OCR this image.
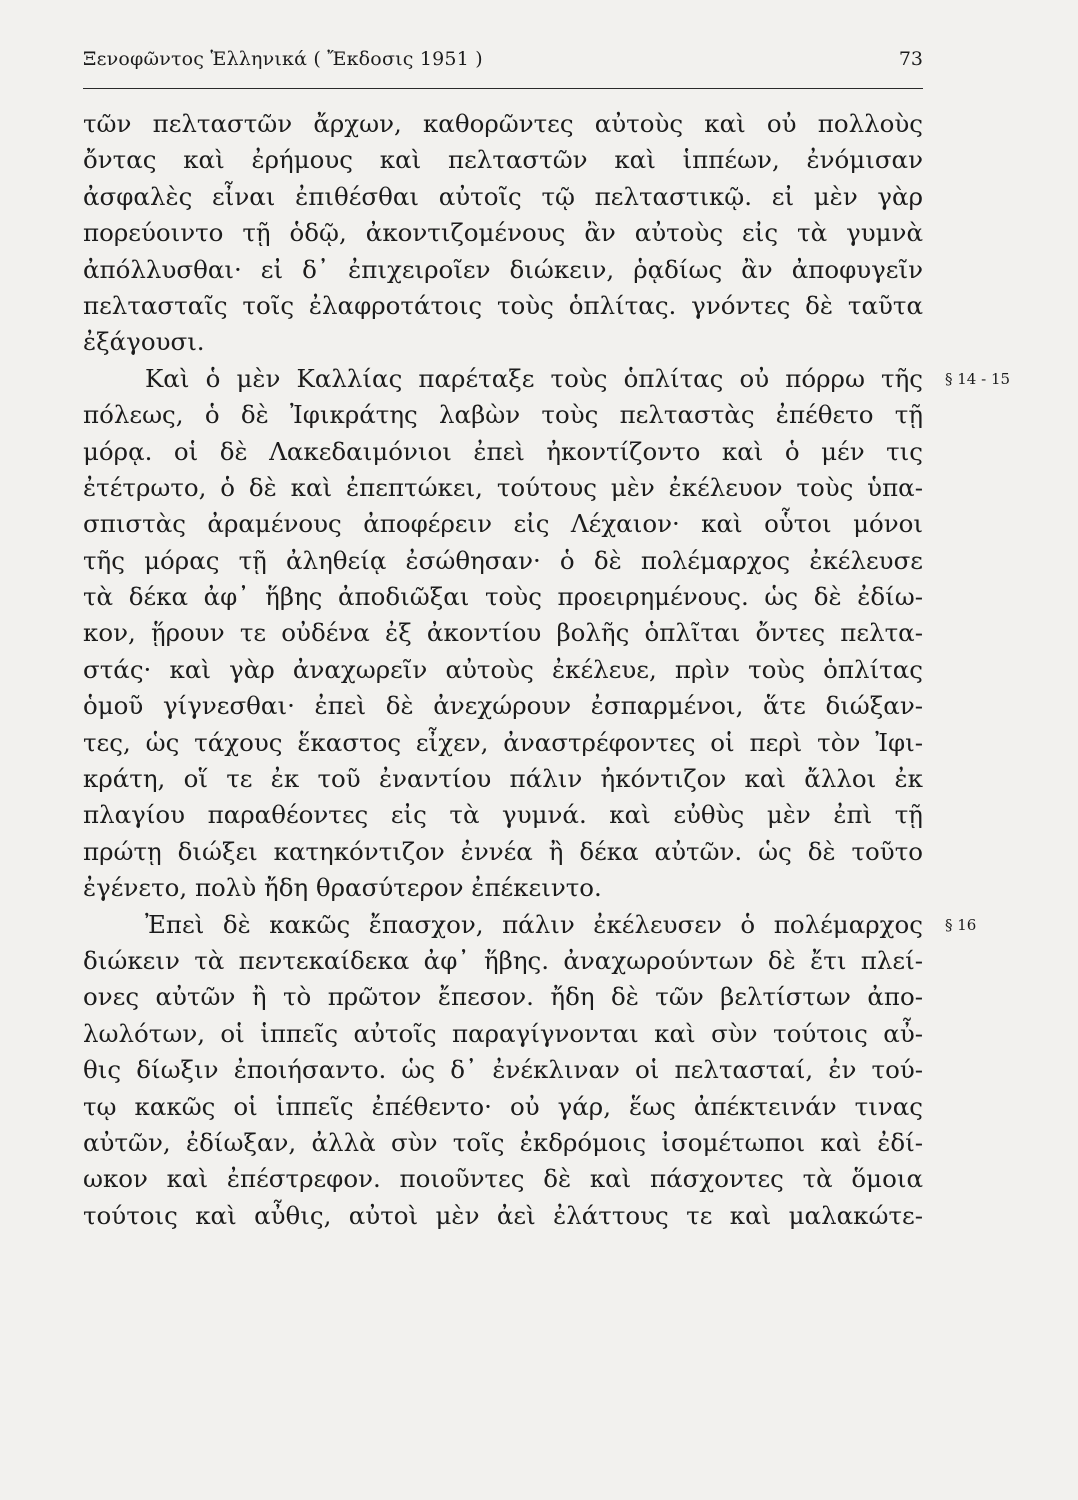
Ξενοφῶντος Ἑλληνικά ( Ἔκδοσις 1951 )	73
τῶν πελταστῶν ἄρχων, καθορῶντες αὐτοὺς καὶ οὐ πολλοὺς
ὄντας καὶ ἐρήμους καὶ πελταστῶν καὶ ἱππέων, ἐνόμισαν
ἀσφαλὲς εἶναι ἐπιθέσθαι αὐτοῖς τῷ πελταστικῷ. εἰ μὲν γὰρ
πορεύοιντο τῇ ὁδῷ, ἀκοντιζομένους ἂν αὐτοὺς εἰς τὰ γυμνὰ
ἀπόλλυσθαι· εἰ δ᾽ ἐπιχειροῖεν διώκειν, ῥᾳδίως ἂν ἀποφυγεῖν
πελτασταῖς τοῖς ἐλαφροτάτοις τοὺς ὁπλίτας. γνόντες δὲ ταῦτα
ἐξάγουσι.
Καὶ ὁ μὲν Καλλίας παρέταξε τοὺς ὁπλίτας οὐ πόρρω τῆς § 14 - 15
πόλεως, ὁ δὲ Ἰφικράτης λαβὼν τοὺς πελταστὰς ἐπέθετο τῇ
μόρᾳ. οἱ δὲ Λακεδαιμόνιοι ἐπεὶ ἠκοντίζοντο καὶ ὁ μέν τις
ἐτέτρωτο, ὁ δὲ καὶ ἐπεπτώκει, τούτους μὲν ἐκέλευον τοὺς ὑπα-
σπιστὰς ἀραμένους ἀποφέρειν εἰς Λέχαιον· καὶ οὗτοι μόνοι
τῆς μόρας τῇ ἀληθείᾳ ἐσώθησαν· ὁ δὲ πολέμαρχος ἐκέλευσε
τὰ δέκα ἀφ᾽ ἥβης ἀποδιῶξαι τοὺς προειρημένους. ὡς δὲ ἐδίω-
κον, ᾕρουν τε οὐδένα ἐξ ἀκοντίου βολῆς ὁπλῖται ὄντες πελτα-
στάς· καὶ γὰρ ἀναχωρεῖν αὐτοὺς ἐκέλευε, πρὶν τοὺς ὁπλίτας
ὁμοῦ γίγνεσθαι· ἐπεὶ δὲ ἀνεχώρουν ἐσπαρμένοι, ἅτε διώξαν-
τες, ὡς τάχους ἕκαστος εἶχεν, ἀναστρέφοντες οἱ περὶ τὸν Ἰφι-
κράτη, οἵ τε ἐκ τοῦ ἐναντίου πάλιν ἠκόντιζον καὶ ἄλλοι ἐκ
πλαγίου παραθέοντες εἰς τὰ γυμνά. καὶ εὐθὺς μὲν ἐπὶ τῇ
πρώτῃ διώξει κατηκόντιζον ἐννέα ἢ δέκα αὐτῶν. ὡς δὲ τοῦτο
ἐγένετο, πολὺ ἤδη θρασύτερον ἐπέκειντο.
Ἐπεὶ δὲ κακῶς ἔπασχον, πάλιν ἐκέλευσεν ὁ πολέμαρχος § 16
διώκειν τὰ πεντεκαίδεκα ἀφ᾽ ἥβης. ἀναχωρούντων δὲ ἔτι πλεί-
ονες αὐτῶν ἢ τὸ πρῶτον ἔπεσον. ἤδη δὲ τῶν βελτίστων ἀπο-
λωλότων, οἱ ἱππεῖς αὐτοῖς παραγίγνονται καὶ σὺν τούτοις αὖ-
θις δίωξιν ἐποιήσαντο. ὡς δ᾽ ἐνέκλιναν οἱ πελτασταί, ἐν τού-
τῳ κακῶς οἱ ἱππεῖς ἐπέθεντο· οὐ γάρ, ἕως ἀπέκτεινάν τινας
αὐτῶν, ἐδίωξαν, ἀλλὰ σὺν τοῖς ἐκδρόμοις ἰσομέτωποι καὶ ἐδί-
ωκον καὶ ἐπέστρεφον. ποιοῦντες δὲ καὶ πάσχοντες τὰ ὅμοια
τούτοις καὶ αὖθις, αὐτοὶ μὲν ἀεὶ ἐλάττους τε καὶ μαλακώτε-
